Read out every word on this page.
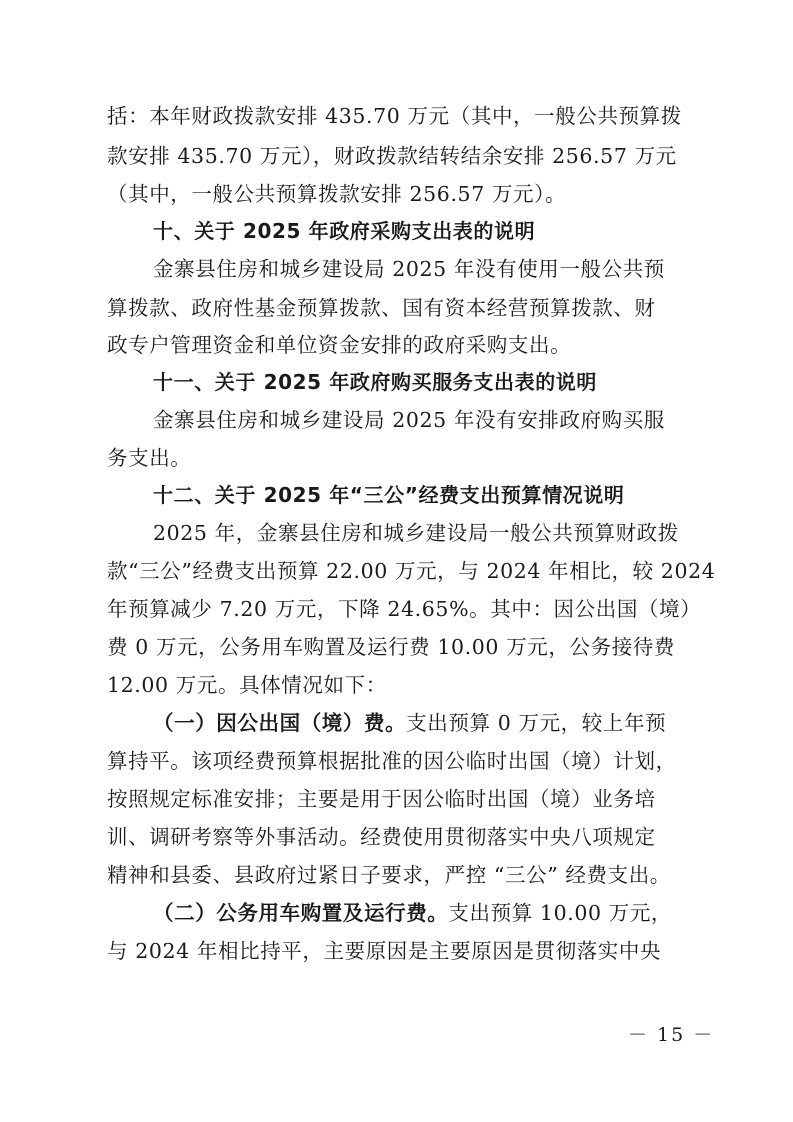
括：本年财政拨款安排 435.70 万元（其中，一般公共预算拨
款安排 435.70 万元），财政拨款结转结余安排 256.57 万元
（其中，一般公共预算拨款安排 256.57 万元）。
十、关于 2025 年政府采购支出表的说明
金寨县住房和城乡建设局 2025 年没有使用一般公共预
算拨款、政府性基金预算拨款、国有资本经营预算拨款、财
政专户管理资金和单位资金安排的政府采购支出。
十一、关于 2025 年政府购买服务支出表的说明
金寨县住房和城乡建设局 2025 年没有安排政府购买服
务支出。
十二、关于 2025 年“三公”经费支出预算情况说明
2025 年，金寨县住房和城乡建设局一般公共预算财政拨
款“三公”经费支出预算 22.00 万元，与 2024 年相比，较 2024
年预算减少 7.20 万元，下降 24.65%。其中：因公出国（境）
费 0 万元，公务用车购置及运行费 10.00 万元，公务接待费
12.00 万元。具体情况如下：
（一）因公出国（境）费。支出预算 0 万元，较上年预
算持平。该项经费预算根据批准的因公临时出国（境）计划，
按照规定标准安排；主要是用于因公临时出国（境）业务培
训、调研考察等外事活动。经费使用贯彻落实中央八项规定
精神和县委、县政府过紧日子要求，严控 “三公” 经费支出。
（二）公务用车购置及运行费。支出预算 10.00 万元，
与 2024 年相比持平，主要原因是主要原因是贯彻落实中央
－ 15 －
